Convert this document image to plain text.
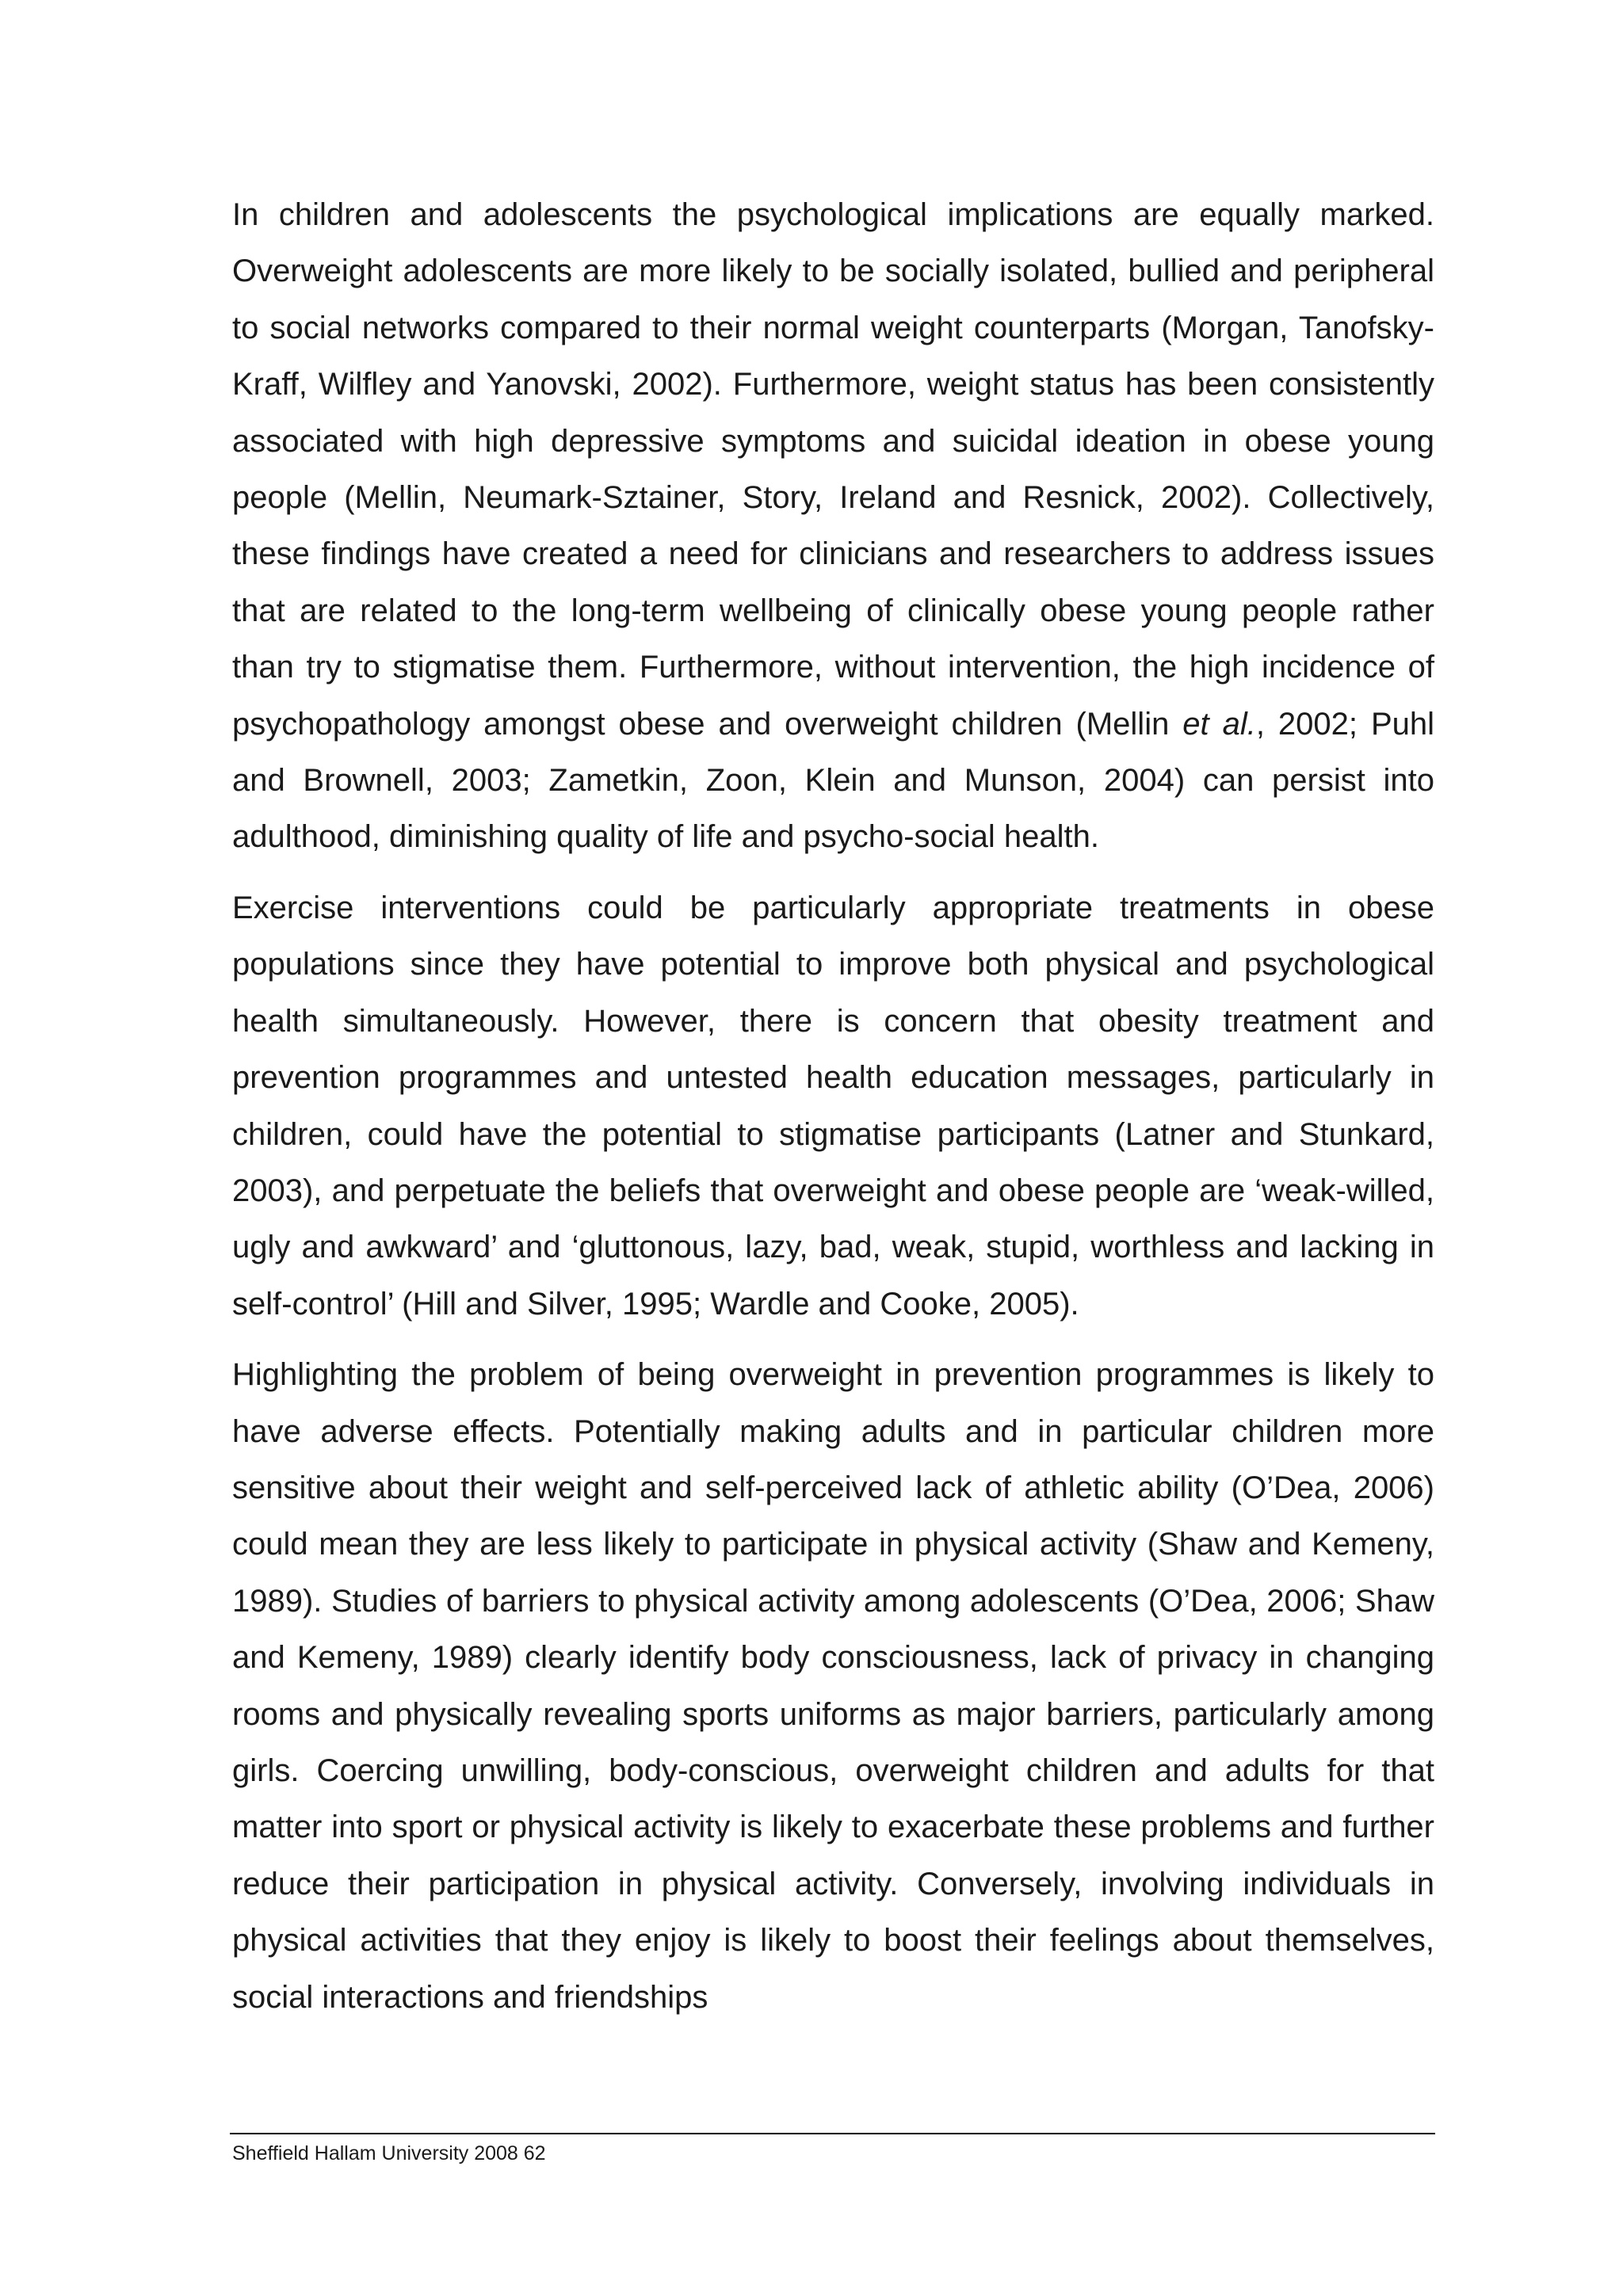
In children and adolescents the psychological implications are equally marked. Overweight adolescents are more likely to be socially isolated, bullied and peripheral to social networks compared to their normal weight counterparts (Morgan, Tanofsky-Kraff, Wilfley and Yanovski, 2002). Furthermore, weight status has been consistently associated with high depressive symptoms and suicidal ideation in obese young people (Mellin, Neumark-Sztainer, Story, Ireland and Resnick, 2002). Collectively, these findings have created a need for clinicians and researchers to address issues that are related to the long-term wellbeing of clinically obese young people rather than try to stigmatise them. Furthermore, without intervention, the high incidence of psychopathology amongst obese and overweight children (Mellin et al., 2002; Puhl and Brownell, 2003; Zametkin, Zoon, Klein and Munson, 2004) can persist into adulthood, diminishing quality of life and psycho-social health.

Exercise interventions could be particularly appropriate treatments in obese populations since they have potential to improve both physical and psychological health simultaneously. However, there is concern that obesity treatment and prevention programmes and untested health education messages, particularly in children, could have the potential to stigmatise participants (Latner and Stunkard, 2003), and perpetuate the beliefs that overweight and obese people are ‘weak-willed, ugly and awkward’ and ‘gluttonous, lazy, bad, weak, stupid, worthless and lacking in self-control’ (Hill and Silver, 1995; Wardle and Cooke, 2005).

Highlighting the problem of being overweight in prevention programmes is likely to have adverse effects. Potentially making adults and in particular children more sensitive about their weight and self-perceived lack of athletic ability (O’Dea, 2006) could mean they are less likely to participate in physical activity (Shaw and Kemeny, 1989). Studies of barriers to physical activity among adolescents (O’Dea, 2006; Shaw and Kemeny, 1989) clearly identify body consciousness, lack of privacy in changing rooms and physically revealing sports uniforms as major barriers, particularly among girls. Coercing unwilling, body-conscious, overweight children and adults for that matter into sport or physical activity is likely to exacerbate these problems and further reduce their participation in physical activity. Conversely, involving individuals in physical activities that they enjoy is likely to boost their feelings about themselves, social interactions and friendships

Sheffield Hallam University 2008 62
